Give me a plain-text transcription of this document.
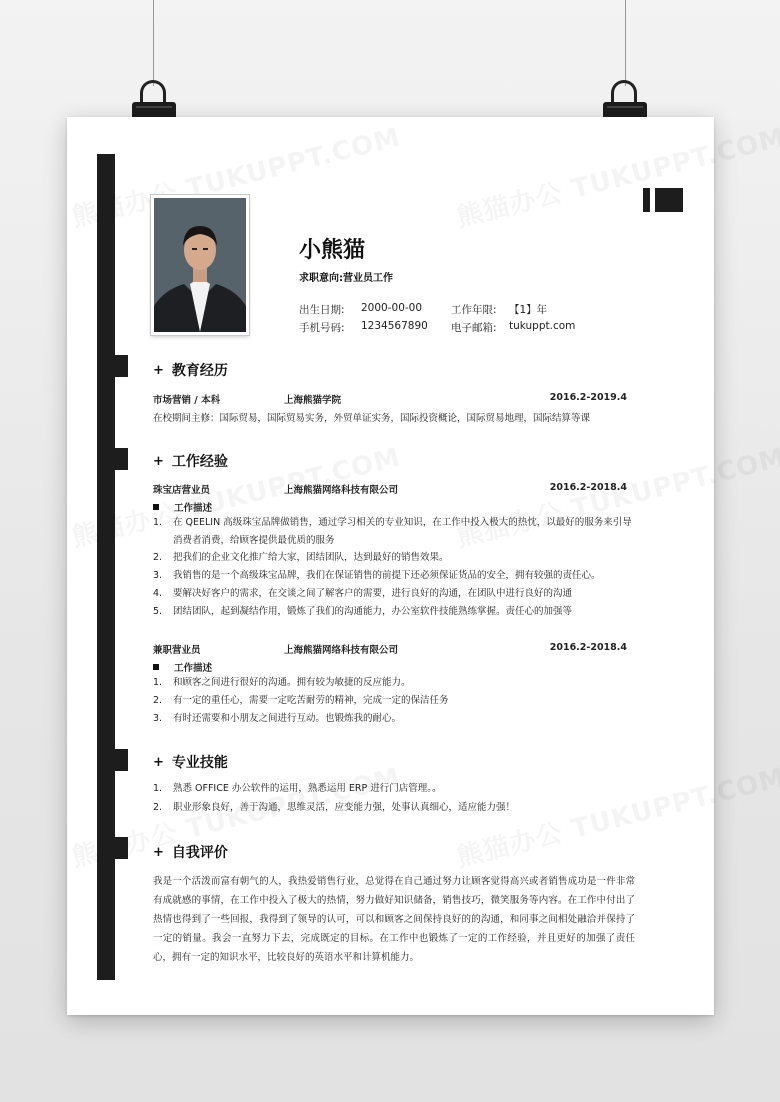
小熊猫
求职意向:营业员工作
出生日期: 2000-00-00	工作年限: 【1】年
手机号码: 1234567890 电子邮箱: tukuppt.com
+ 教育经历
市场营销 / 本科	上海熊猫学院	2016.2-2019.4
在校期间主修：国际贸易，国际贸易实务，外贸单证实务，国际投资概论，国际贸易地理，国际结算等课
+ 工作经验
珠宝店营业员	上海熊猫网络科技有限公司	2016.2-2018.4
工作描述
1.	在 QEELIN 高级珠宝品牌做销售，通过学习相关的专业知识，在工作中投入极大的热忱，以最好的服务来引导消费者消费，给顾客提供最优质的服务
2.	把我们的企业文化推广给大家，团结团队，达到最好的销售效果。
3.	我销售的是一个高级珠宝品牌，我们在保证销售的前提下还必须保证货品的安全，拥有较强的责任心。
4.	要解决好客户的需求，在交谈之间了解客户的需要，进行良好的沟通，在团队中进行良好的沟通
5.	团结团队，起到凝结作用，锻炼了我们的沟通能力，办公室软件技能熟练掌握。责任心的加强等
兼职营业员	上海熊猫网络科技有限公司	2016.2-2018.4
工作描述
1.	和顾客之间进行很好的沟通。拥有较为敏捷的反应能力。
2.	有一定的重任心，需要一定吃苦耐劳的精神，完成一定的保洁任务
3.	有时还需要和小朋友之间进行互动。也锻炼我的耐心。
+ 专业技能
1.	熟悉 OFFICE 办公软件的运用，熟悉运用 ERP 进行门店管理。。
2.	职业形象良好，善于沟通，思维灵活，应变能力强，处事认真细心，适应能力强！
+ 自我评价
我是一个活泼而富有朝气的人，我热爱销售行业，总觉得在自己通过努力让顾客觉得高兴或者销售成功是一件非常有成就感的事情，在工作中投入了极大的热情，努力做好知识储备，销售技巧，微笑服务等内容。在工作中付出了热情也得到了一些回报，我得到了领导的认可，可以和顾客之间保持良好的的沟通，和同事之间相处融洽并保持了一定的销量。我会一直努力下去，完成既定的目标。在工作中也锻炼了一定的工作经验，并且更好的加强了责任心，拥有一定的知识水平，比较良好的英语水平和计算机能力。
